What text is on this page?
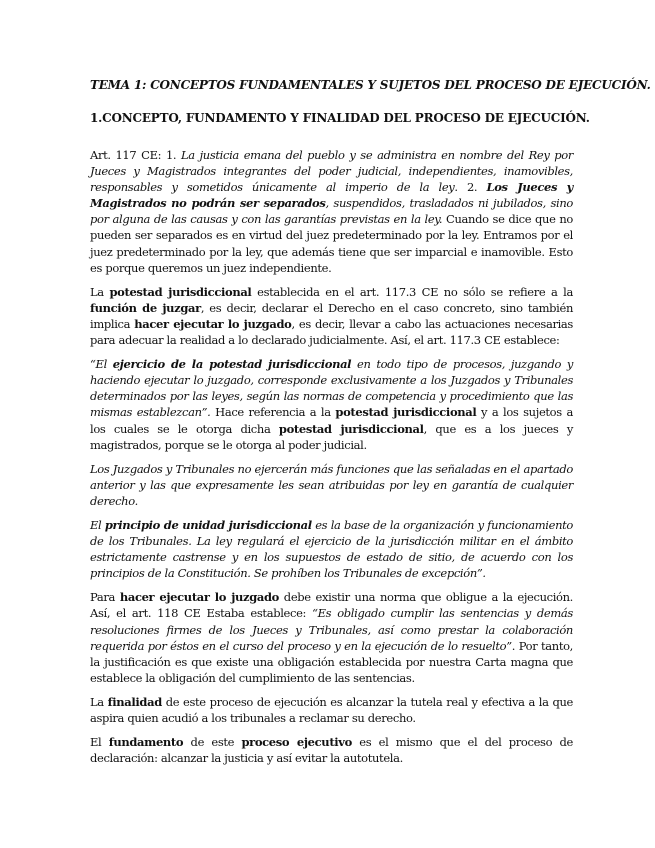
TEMA 1: CONCEPTOS FUNDAMENTALES Y SUJETOS DEL PROCESO DE EJECUCIÓN.
1.CONCEPTO, FUNDAMENTO Y FINALIDAD DEL PROCESO DE EJECUCIÓN.

Art. 117 CE: 1. La justicia emana del pueblo y se administra en nombre del Rey por Jueces y Magistrados integrantes del poder judicial, independientes, inamovibles, responsables y sometidos únicamente al imperio de la ley. 2. Los Jueces y Magistrados no podrán ser separados, suspendidos, trasladados ni jubilados, sino por alguna de las causas y con las garantías previstas en la ley. Cuando se dice que no pueden ser separados es en virtud del juez predeterminado por la ley. Entramos por el juez predeterminado por la ley, que además tiene que ser imparcial e inamovible. Esto es porque queremos un juez independiente.

La potestad jurisdiccional establecida en el art. 117.3 CE no sólo se refiere a la función de juzgar, es decir, declarar el Derecho en el caso concreto, sino también implica hacer ejecutar lo juzgado, es decir, llevar a cabo las actuaciones necesarias para adecuar la realidad a lo declarado judicialmente. Así, el art. 117.3 CE establece:

“El ejercicio de la potestad jurisdiccional en todo tipo de procesos, juzgando y haciendo ejecutar lo juzgado, corresponde exclusivamente a los Juzgados y Tribunales determinados por las leyes, según las normas de competencia y procedimiento que las mismas establezcan”. Hace referencia a la potestad jurisdiccional y a los sujetos a los cuales se le otorga dicha potestad jurisdiccional, que es a los jueces y magistrados, porque se le otorga al poder judicial.

Los Juzgados y Tribunales no ejercerán más funciones que las señaladas en el apartado anterior y las que expresamente les sean atribuidas por ley en garantía de cualquier derecho.

El principio de unidad jurisdiccional es la base de la organización y funcionamiento de los Tribunales. La ley regulará el ejercicio de la jurisdicción militar en el ámbito estrictamente castrense y en los supuestos de estado de sitio, de acuerdo con los principios de la Constitución. Se prohíben los Tribunales de excepción”.

Para hacer ejecutar lo juzgado debe existir una norma que obligue a la ejecución. Así, el art. 118 CE Estaba establece: “Es obligado cumplir las sentencias y demás resoluciones firmes de los Jueces y Tribunales, así como prestar la colaboración requerida por éstos en el curso del proceso y en la ejecución de lo resuelto”. Por tanto, la justificación es que existe una obligación establecida por nuestra Carta magna que establece la obligación del cumplimiento de las sentencias.

La finalidad de este proceso de ejecución es alcanzar la tutela real y efectiva a la que aspira quien acudió a los tribunales a reclamar su derecho.

El fundamento de este proceso ejecutivo es el mismo que el del proceso de declaración: alcanzar la justicia y así evitar la autotutela.
